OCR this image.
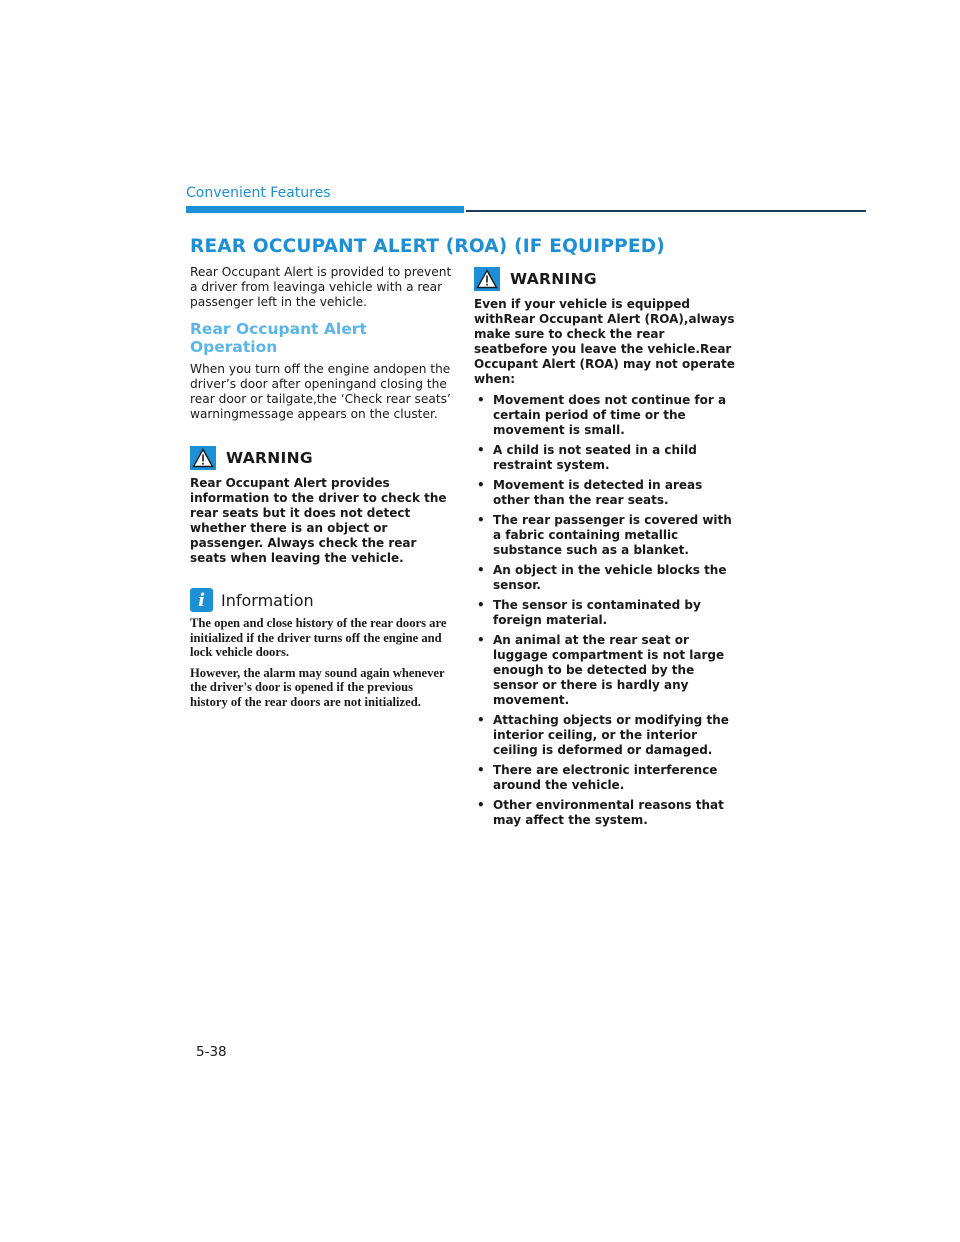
Convenient Features
REAR OCCUPANT ALERT (ROA) (IF EQUIPPED)

Rear Occupant Alert is provided to prevent a driver from leavinga vehicle with a rear passenger left in the vehicle.

Rear Occupant Alert Operation

When you turn off the engine andopen the driver’s door after openingand closing the rear door or tailgate,the ‘Check rear seats’ warningmessage appears on the cluster.

WARNING

Rear Occupant Alert provides information to the driver to check the rear seats but it does not detect whether there is an object or passenger. Always check the rear seats when leaving the vehicle.

i	Information

The open and close history of the rear doors are initialized if the driver turns off the engine and lock vehicle doors.

However, the alarm may sound again whenever the driver's door is opened if the previous history of the rear doors are not initialized.

WARNING

Even if your vehicle is equipped withRear Occupant Alert (ROA),always make sure to check the rear seatbefore you leave the vehicle.Rear Occupant Alert (ROA) may not operate when:

• Movement does not continue for a certain period of time or the movement is small.
• A child is not seated in a child restraint system.
• Movement is detected in areas other than the rear seats.
• The rear passenger is covered with a fabric containing metallic substance such as a blanket.
• An object in the vehicle blocks the sensor.
• The sensor is contaminated by foreign material.
• An animal at the rear seat or luggage compartment is not large enough to be detected by the sensor or there is hardly any movement.
• Attaching objects or modifying the interior ceiling, or the interior ceiling is deformed or damaged.
• There are electronic interference around the vehicle.
• Other environmental reasons that may affect the system.
5-38
